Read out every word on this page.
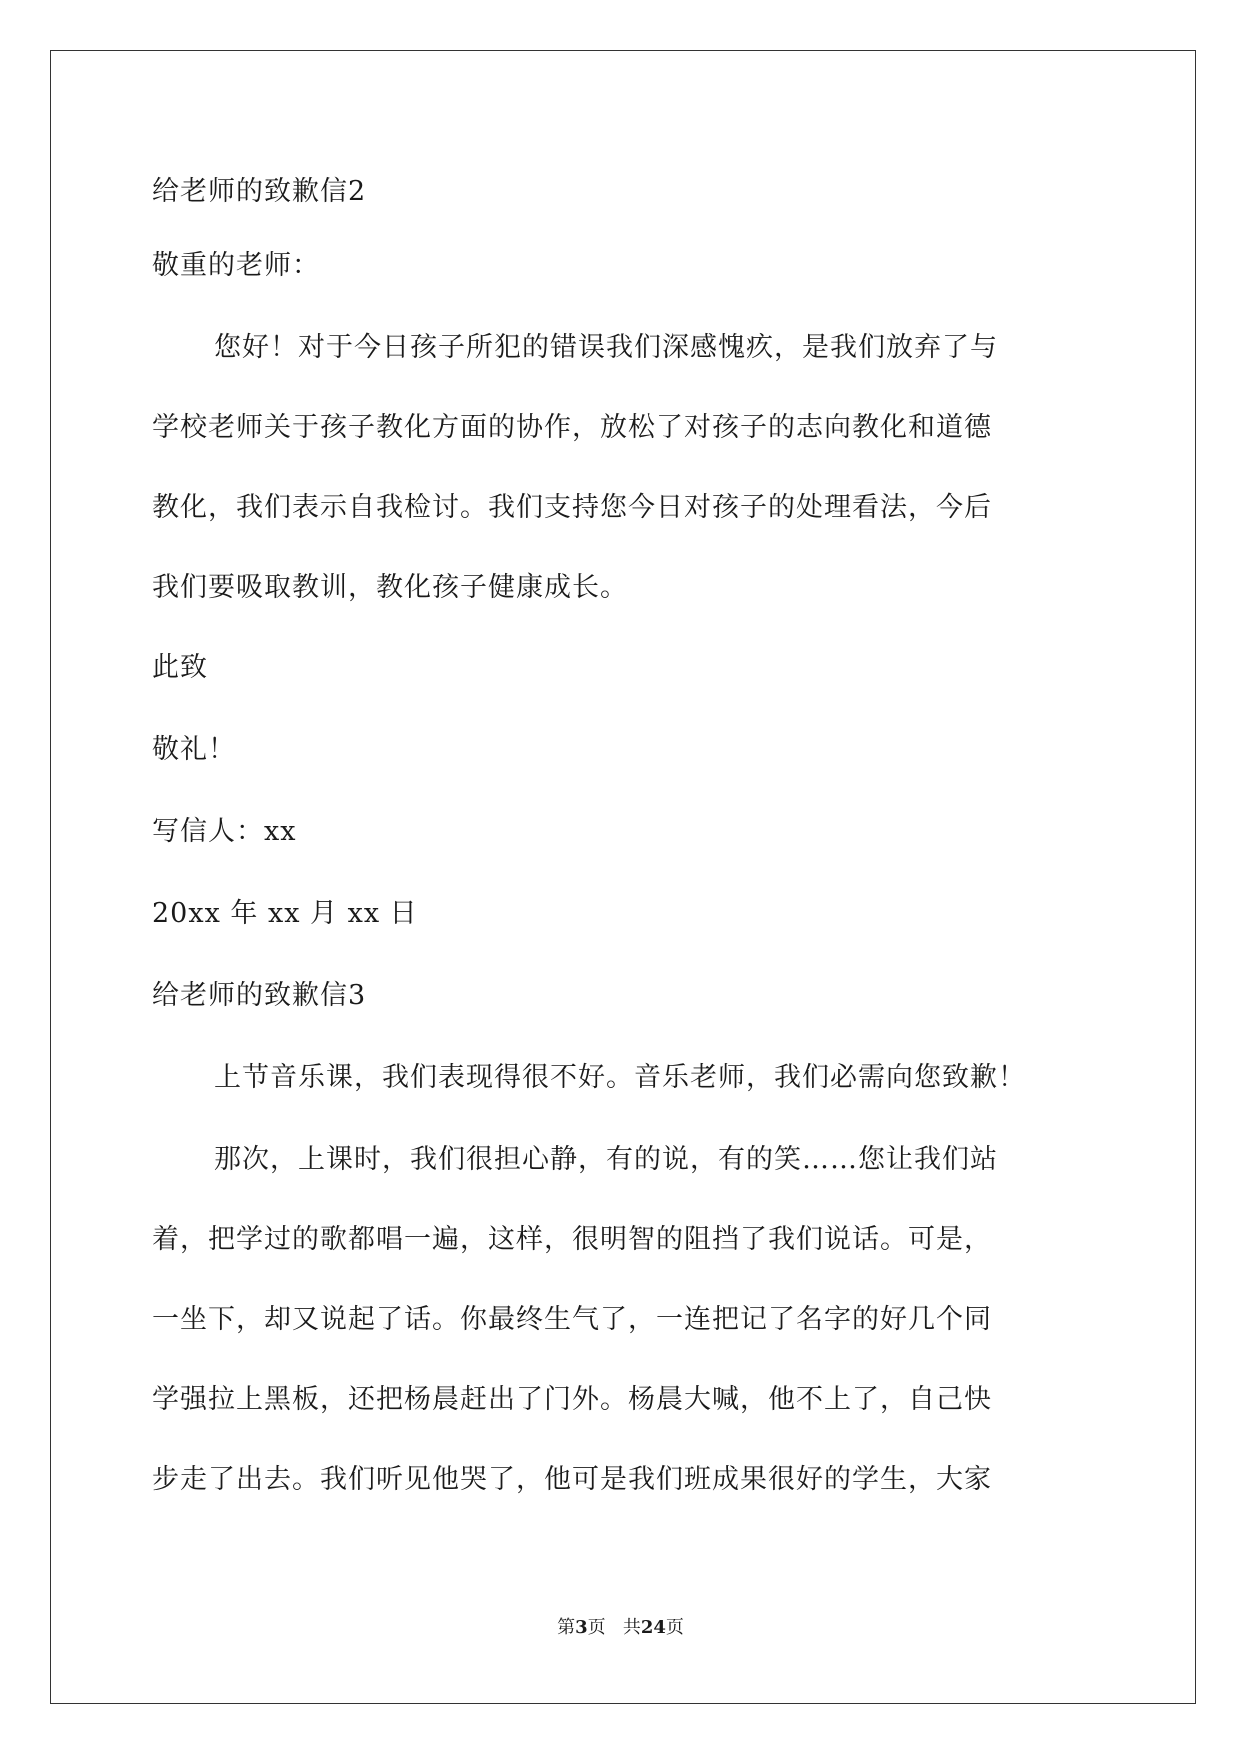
给老师的致歉信2
敬重的老师：
您好！对于今日孩子所犯的错误我们深感愧疚，是我们放弃了与
学校老师关于孩子教化方面的协作，放松了对孩子的志向教化和道德
教化，我们表示自我检讨。我们支持您今日对孩子的处理看法，今后
我们要吸取教训，教化孩子健康成长。
此致
敬礼！
写信人：xx
20xx 年 xx 月 xx 日
给老师的致歉信3
上节音乐课，我们表现得很不好。音乐老师，我们必需向您致歉！
那次，上课时，我们很担心静，有的说，有的笑……您让我们站
着，把学过的歌都唱一遍，这样，很明智的阻挡了我们说话。可是，
一坐下，却又说起了话。你最终生气了，一连把记了名字的好几个同
学强拉上黑板，还把杨晨赶出了门外。杨晨大喊，他不上了，自己快
步走了出去。我们听见他哭了，他可是我们班成果很好的学生，大家
第3页 共24页
